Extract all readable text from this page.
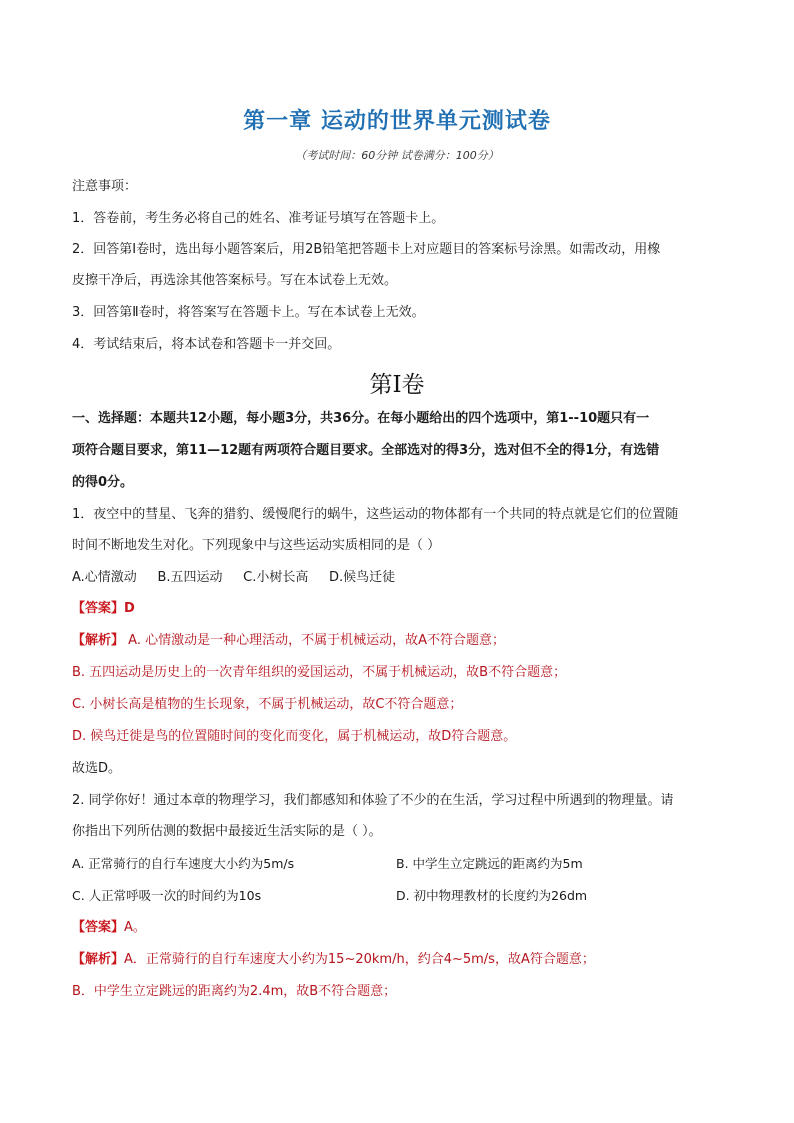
第一章 运动的世界单元测试卷
（考试时间：60分钟 试卷满分：100分）
注意事项：
1．答卷前，考生务必将自己的姓名、准考证号填写在答题卡上。
2．回答第Ⅰ卷时，选出每小题答案后，用2B铅笔把答题卡上对应题目的答案标号涂黑。如需改动，用橡
皮擦干净后，再选涂其他答案标号。写在本试卷上无效。
3．回答第Ⅱ卷时，将答案写在答题卡上。写在本试卷上无效。
4．考试结束后，将本试卷和答题卡一并交回。
第Ⅰ卷
一、选择题：本题共12小题，每小题3分，共36分。在每小题给出的四个选项中，第1--10题只有一
项符合题目要求，第11—12题有两项符合题目要求。全部选对的得3分，选对但不全的得1分，有选错
的得0分。
1．夜空中的彗星、飞奔的猎豹、缓慢爬行的蜗牛，这些运动的物体都有一个共同的特点就是它们的位置随
时间不断地发生对化。下列现象中与这些运动实质相同的是（ ）
A.心情激动     B.五四运动     C.小树长高     D.候鸟迁徒
【答案】D
【解析】 A. 心情激动是一种心理活动，不属于机械运动，故A不符合题意；
B. 五四运动是历史上的一次青年组织的爱国运动，不属于机械运动，故B不符合题意；
C. 小树长高是植物的生长现象，不属于机械运动，故C不符合题意；
D. 候鸟迁徙是鸟的位置随时间的变化而变化，属于机械运动，故D符合题意。
故选D。
2. 同学你好！通过本章的物理学习，我们都感知和体验了不少的在生活，学习过程中所遇到的物理量。请
你指出下列所估测的数据中最接近生活实际的是（ ）。
A. 正常骑行的自行车速度大小约为5m/s	B. 中学生立定跳远的距离约为5m
C. 人正常呼吸一次的时间约为10s	D. 初中物理教材的长度约为26dm
【答案】A。
【解析】A．正常骑行的自行车速度大小约为15~20km/h，约合4~5m/s，故A符合题意；
B．中学生立定跳远的距离约为2.4m，故B不符合题意；
